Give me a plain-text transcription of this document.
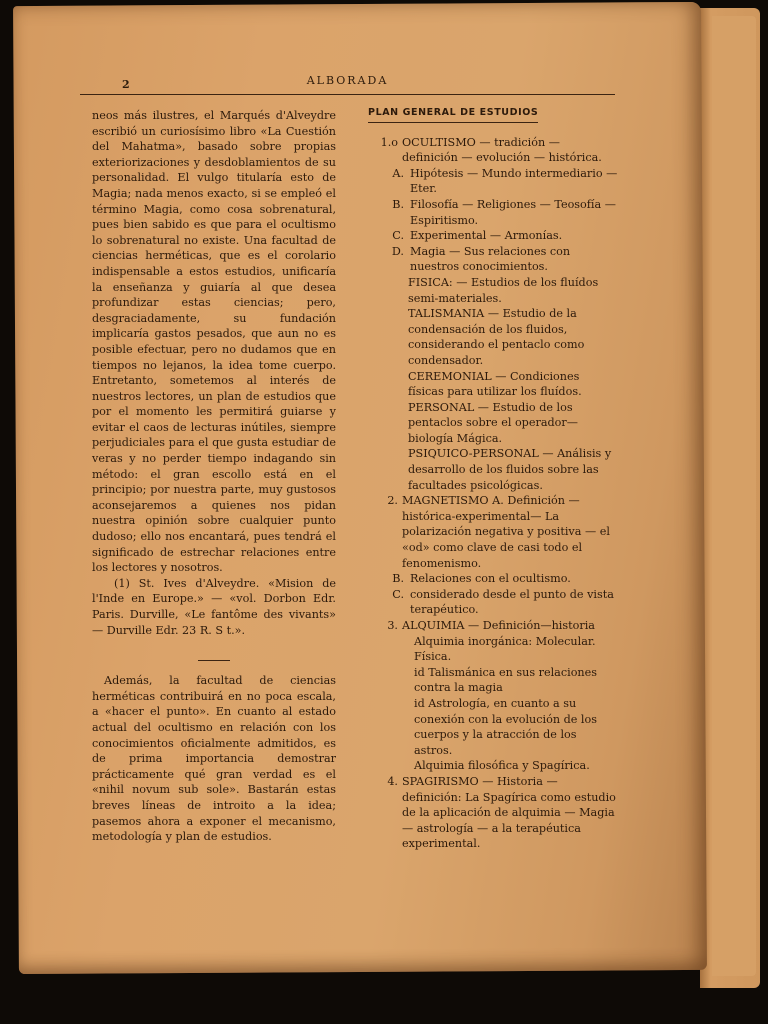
2	ALBORADA

neos más ilustres, el Marqués d'Alveydre escribió un curiosísimo libro «La Cuestión del Mahatma», basado sobre propias exteriorizaciones y desdoblamientos de su personalidad. El vulgo titularía esto de Magia; nada menos exacto, si se empleó el término Magia, como cosa sobrenatural, pues bien sabido es que para el ocultismo lo sobrenatural no existe. Una facultad de ciencias herméticas, que es el corolario indispensable a estos estudios, unificaría la enseñanza y guiaría al que desea profundizar estas ciencias; pero, desgraciadamente, su fundación implicaría gastos pesados, que aun no es posible efectuar, pero no dudamos que en tiempos no lejanos, la idea tome cuerpo. Entretanto, sometemos al interés de nuestros lectores, un plan de estudios que por el momento les permitirá guiarse y evitar el caos de lecturas inútiles, siempre perjudiciales para el que gusta estudiar de veras y no perder tiempo indagando sin método: el gran escollo está en el principio; por nuestra parte, muy gustosos aconsejaremos a quienes nos pidan nuestra opinión sobre cualquier punto dudoso; ello nos encantará, pues tendrá el significado de estrechar relaciones entre los lectores y nosotros.

(1) St. Ives d'Alveydre. «Mision de l'Inde en Europe.» — «vol. Dorbon Edr. Paris. Durville, «Le fantôme des vivants» — Durville Edr. 23 R. S t.».

Además, la facultad de ciencias herméticas contribuirá en no poca escala, a «hacer el punto». En cuanto al estado actual del ocultismo en relación con los conocimientos oficialmente admitidos, es de prima importancia demostrar prácticamente qué gran verdad es el «nihil novum sub sole». Bastarán estas breves líneas de introito a la idea; pasemos ahora a exponer el mecanismo, metodología y plan de estudios.

PLAN GENERAL DE ESTUDIOS
1.o OCULTISMO — tradición — definición — evolución — histórica.
A. Hipótesis — Mundo intermediario — Eter.
B. Filosofía — Religiones — Teosofía — Espiritismo.
C. Experimental — Armonías.
D. Magia — Sus relaciones con nuestros conocimientos.
FISICA: — Estudios de los fluídos semi-materiales.
TALISMANIA — Estudio de la condensación de los fluidos, considerando el pentaclo como condensador.
CEREMONIAL — Condiciones físicas para utilizar los fluídos.
PERSONAL — Estudio de los pentaclos sobre el operador— biología Mágica.
PSIQUICO-PERSONAL — Análisis y desarrollo de los fluidos sobre las facultades psicológicas.
2. MAGNETISMO A. Definición —histórica-experimental— La polarización negativa y positiva — el «od» como clave de casi todo el fenomenismo.
B. Relaciones con el ocultismo.
C. considerado desde el punto de vista terapéutico.
3. ALQUIMIA — Definición—historia
Alquimia inorgánica: Molecular. Física.
id Talismánica en sus relaciones contra la magia
id Astrología, en cuanto a su conexión con la evolución de los cuerpos y la atracción de los astros.
Alquimia filosófica y Spagírica.
4. SPAGIRISMO — Historia — definición: La Spagírica como estudio de la aplicación de alquimia — Magia — astrología — a la terapéutica experimental.
